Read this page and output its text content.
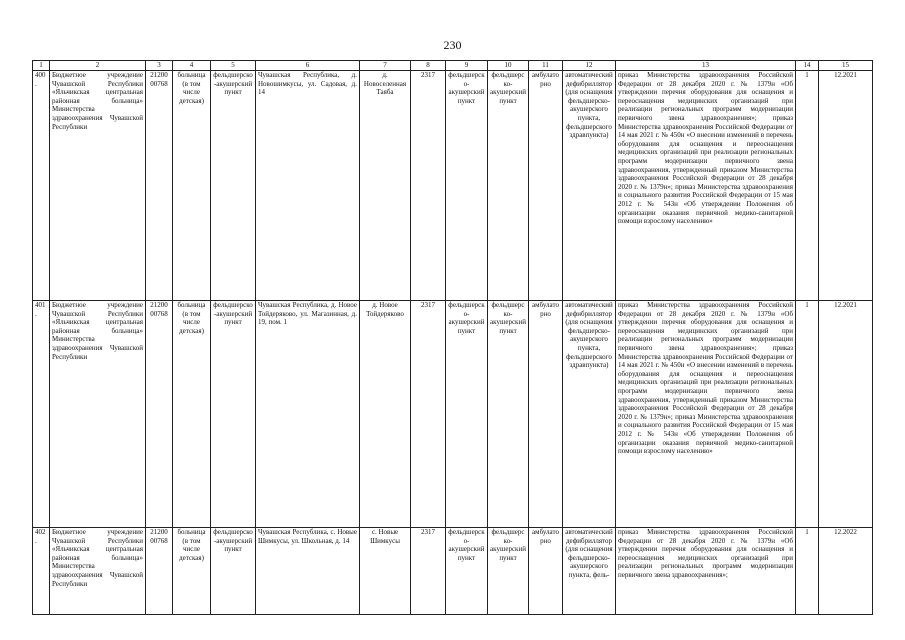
230
1	2	3	4	5	6	7	8	9	10	11	12	13	14	15
400.	Бюджетное учреждение Чувашской Республики «Яльчикская центральная районная больница» Министерства здравоохранения Чувашской Республики	21200 00768	больница (в том числе детская)	фельдшерско-акушерский пункт	Чувашская Республика, д. Новошимкусы, ул. Садовая, д. 14	д. Новоселенная Таяба	2317	фельдшерско-акушерский пункт	фельдшерско-акушерский пункт	амбулаторно	автоматический дефибриллятор (для оснащения фельдшерско-акушерского пункта, фельдшерского здравпункта)	приказ Министерства здравоохранения Российской Федерации от 28 декабря 2020 г. № 1379н «Об утверждении перечня оборудования для оснащения и переоснащения медицинских организаций при реализации региональных программ модернизации первичного звена здравоохранения»; приказ Министерства здравоохранения Российской Федерации от 14 мая 2021 г. № 450н «О внесении изменений в перечень оборудования для оснащения и переоснащения медицинских организаций при реализации региональных программ модернизации первичного звена здравоохранения, утвержденный приказом Министерства здравоохранения Российской Федерации от 28 декабря 2020 г. № 1379н»; приказ Министерства здравоохранения и социального развития Российской Федерации от 15 мая 2012 г. № 543н «Об утверждении Положения об организации оказания первичной медико-санитарной помощи взрослому населению»	1	12.2021
401.	Бюджетное учреждение Чувашской Республики «Яльчикская центральная районная больница» Министерства здравоохранения Чувашской Республики	21200 00768	больница (в том числе детская)	фельдшерско-акушерский пункт	Чувашская Республика, д. Новое Тойдеряково, ул. Магазинная, д. 19, пом. 1	д. Новое Тойдеряково	2317	фельдшерско-акушерский пункт	фельдшерско-акушерский пункт	амбулаторно	автоматический дефибриллятор (для оснащения фельдшерско-акушерского пункта, фельдшерского здравпункта)	приказ Министерства здравоохранения Российской Федерации от 28 декабря 2020 г. № 1379н «Об утверждении перечня оборудования для оснащения и переоснащения медицинских организаций при реализации региональных программ модернизации первичного звена здравоохранения»; приказ Министерства здравоохранения Российской Федерации от 14 мая 2021 г. № 450н «О внесении изменений в перечень оборудования для оснащения и переоснащения медицинских организаций при реализации региональных программ модернизации первичного звена здравоохранения, утвержденный приказом Министерства здравоохранения Российской Федерации от 28 декабря 2020 г. № 1379н»; приказ Министерства здравоохранения и социального развития Российской Федерации от 15 мая 2012 г. № 543н «Об утверждении Положения об организации оказания первичной медико-санитарной помощи взрослому населению»	1	12.2021
402.	Бюджетное учреждение Чувашской Республики «Яльчикская центральная районная больница» Министерства здравоохранения Чувашской Республики	21200 00768	больница (в том числе детская)	фельдшерско-акушерский пункт	Чувашская Республика, с. Новые Шимкусы, ул. Школьная, д. 14	с. Новые Шимкусы	2317	фельдшерско-акушерский пункт	фельдшерско-акушерский пункт	амбулаторно	автоматический дефибриллятор (для оснащения фельдшерско-акушерского пункта, фель-	приказ Министерства здравоохранения Российской Федерации от 28 декабря 2020 г. № 1379н «Об утверждении перечня оборудования для оснащения и переоснащения медицинских организаций при реализации региональных программ модернизации первичного звена здравоохранения»;	1	12.2022
